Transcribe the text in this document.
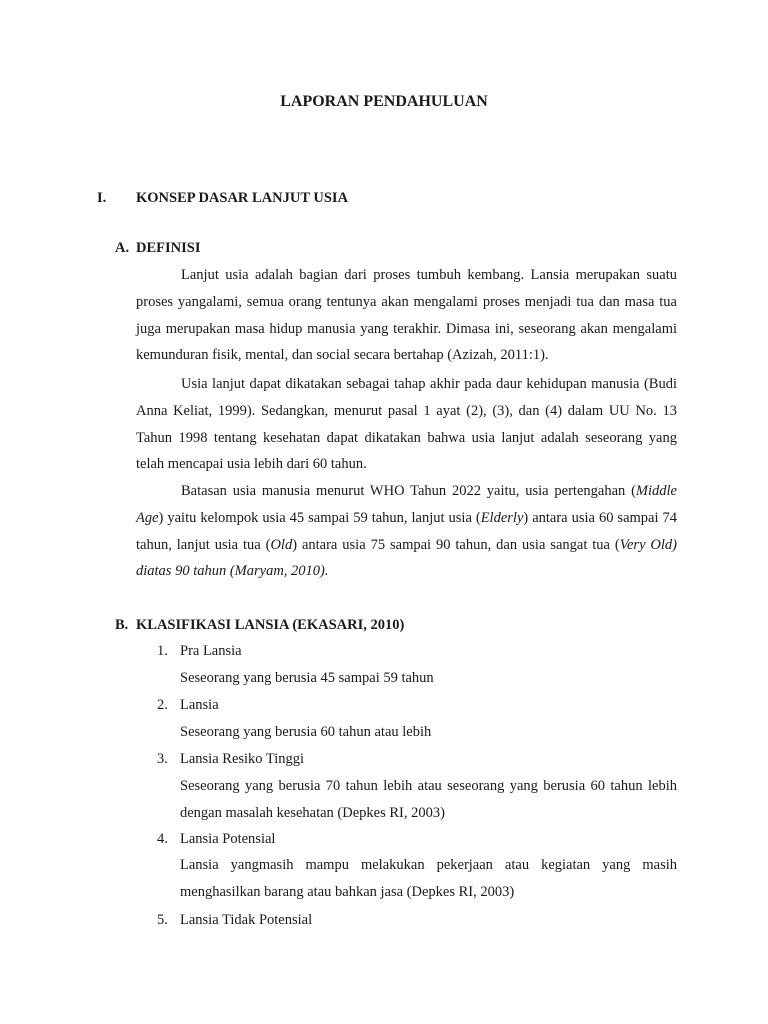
LAPORAN PENDAHULUAN
I. KONSEP DASAR LANJUT USIA
A. DEFINISI
Lanjut usia adalah bagian dari proses tumbuh kembang. Lansia merupakan suatu proses yangalami, semua orang tentunya akan mengalami proses menjadi tua dan masa tua juga merupakan masa hidup manusia yang terakhir. Dimasa ini, seseorang akan mengalami kemunduran fisik, mental, dan social secara bertahap (Azizah, 2011:1).
Usia lanjut dapat dikatakan sebagai tahap akhir pada daur kehidupan manusia (Budi Anna Keliat, 1999). Sedangkan, menurut pasal 1 ayat (2), (3), dan (4) dalam UU No. 13 Tahun 1998 tentang kesehatan dapat dikatakan bahwa usia lanjut adalah seseorang yang telah mencapai usia lebih dari 60 tahun.
Batasan usia manusia menurut WHO Tahun 2022 yaitu, usia pertengahan (Middle Age) yaitu kelompok usia 45 sampai 59 tahun, lanjut usia (Elderly) antara usia 60 sampai 74 tahun, lanjut usia tua (Old) antara usia 75 sampai 90 tahun, dan usia sangat tua (Very Old) diatas 90 tahun (Maryam, 2010).
B. KLASIFIKASI LANSIA (EKASARI, 2010)
1. Pra Lansia
Seseorang yang berusia 45 sampai 59 tahun
2. Lansia
Seseorang yang berusia 60 tahun atau lebih
3. Lansia Resiko Tinggi
Seseorang yang berusia 70 tahun lebih atau seseorang yang berusia 60 tahun lebih dengan masalah kesehatan (Depkes RI, 2003)
4. Lansia Potensial
Lansia yangmasih mampu melakukan pekerjaan atau kegiatan yang masih menghasilkan barang atau bahkan jasa (Depkes RI, 2003)
5. Lansia Tidak Potensial
